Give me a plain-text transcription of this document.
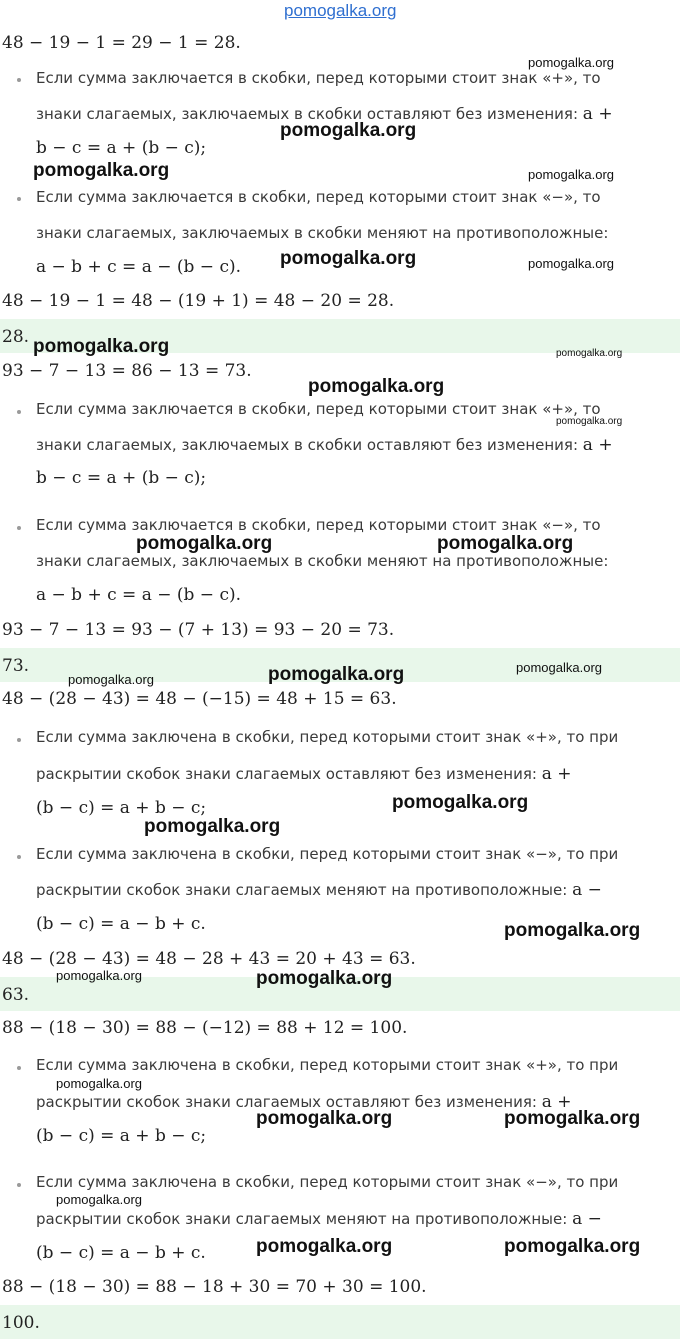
pomogalka.org
48 − 19 − 1 = 29 − 1 = 28.
Если сумма заключается в скобки, перед которыми стоит знак «+», то
знаки слагаемых, заключаемых в скобки оставляют без изменения: a +
b − c = a + (b − c);
Если сумма заключается в скобки, перед которыми стоит знак «−», то
знаки слагаемых, заключаемых в скобки меняют на противоположные:
a − b + c = a − (b − c).
48 − 19 − 1 = 48 − (19 + 1) = 48 − 20 = 28.
28.
93 − 7 − 13 = 86 − 13 = 73.
Если сумма заключается в скобки, перед которыми стоит знак «+», то
знаки слагаемых, заключаемых в скобки оставляют без изменения: a +
b − c = a + (b − c);
Если сумма заключается в скобки, перед которыми стоит знак «−», то
знаки слагаемых, заключаемых в скобки меняют на противоположные:
a − b + c = a − (b − c).
93 − 7 − 13 = 93 − (7 + 13) = 93 − 20 = 73.
73.
48 − (28 − 43) = 48 − (−15) = 48 + 15 = 63.
Если сумма заключена в скобки, перед которыми стоит знак «+», то при
раскрытии скобок знаки слагаемых оставляют без изменения: a +
(b − c) = a + b − c;
Если сумма заключена в скобки, перед которыми стоит знак «−», то при
раскрытии скобок знаки слагаемых меняют на противоположные: a −
(b − c) = a − b + c.
48 − (28 − 43) = 48 − 28 + 43 = 20 + 43 = 63.
63.
88 − (18 − 30) = 88 − (−12) = 88 + 12 = 100.
Если сумма заключена в скобки, перед которыми стоит знак «+», то при
раскрытии скобок знаки слагаемых оставляют без изменения: a +
(b − c) = a + b − c;
Если сумма заключена в скобки, перед которыми стоит знак «−», то при
раскрытии скобок знаки слагаемых меняют на противоположные: a −
(b − c) = a − b + c.
88 − (18 − 30) = 88 − 18 + 30 = 70 + 30 = 100.
100.
pomogalka.org
pomogalka.org
pomogalka.org	pomogalka.org
pomogalka.org	pomogalka.org
pomogalka.org	pomogalka.org
pomogalka.org
pomogalka.org
pomogalka.org	pomogalka.org
pomogalka.org	pomogalka.org
pomogalka.org
pomogalka.org
pomogalka.org
pomogalka.org
pomogalka.org	pomogalka.org
pomogalka.org
pomogalka.org	pomogalka.org
pomogalka.org
pomogalka.org	pomogalka.org
